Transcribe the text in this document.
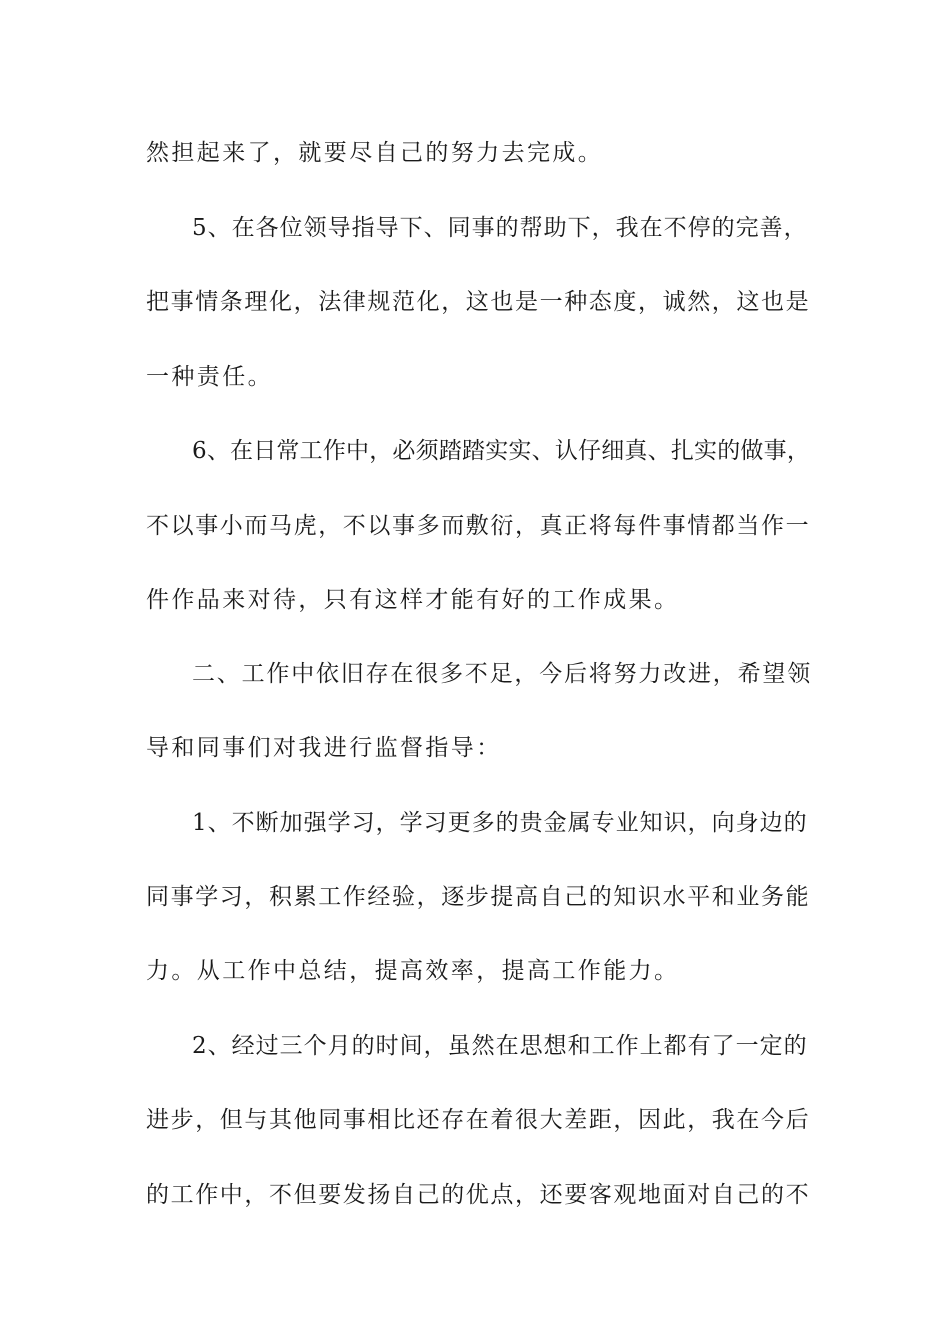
然担起来了，就要尽自己的努力去完成。
5、在各位领导指导下、同事的帮助下，我在不停的完善，
把事情条理化，法律规范化，这也是一种态度，诚然，这也是
一种责任。
6、在日常工作中，必须踏踏实实、认仔细真、扎实的做事，
不以事小而马虎，不以事多而敷衍，真正将每件事情都当作一
件作品来对待，只有这样才能有好的工作成果。
二、工作中依旧存在很多不足，今后将努力改进，希望领
导和同事们对我进行监督指导：
1、不断加强学习，学习更多的贵金属专业知识，向身边的
同事学习，积累工作经验，逐步提高自己的知识水平和业务能
力。从工作中总结，提高效率，提高工作能力。
2、经过三个月的时间，虽然在思想和工作上都有了一定的
进步，但与其他同事相比还存在着很大差距，因此，我在今后
的工作中，不但要发扬自己的优点，还要客观地面对自己的不
